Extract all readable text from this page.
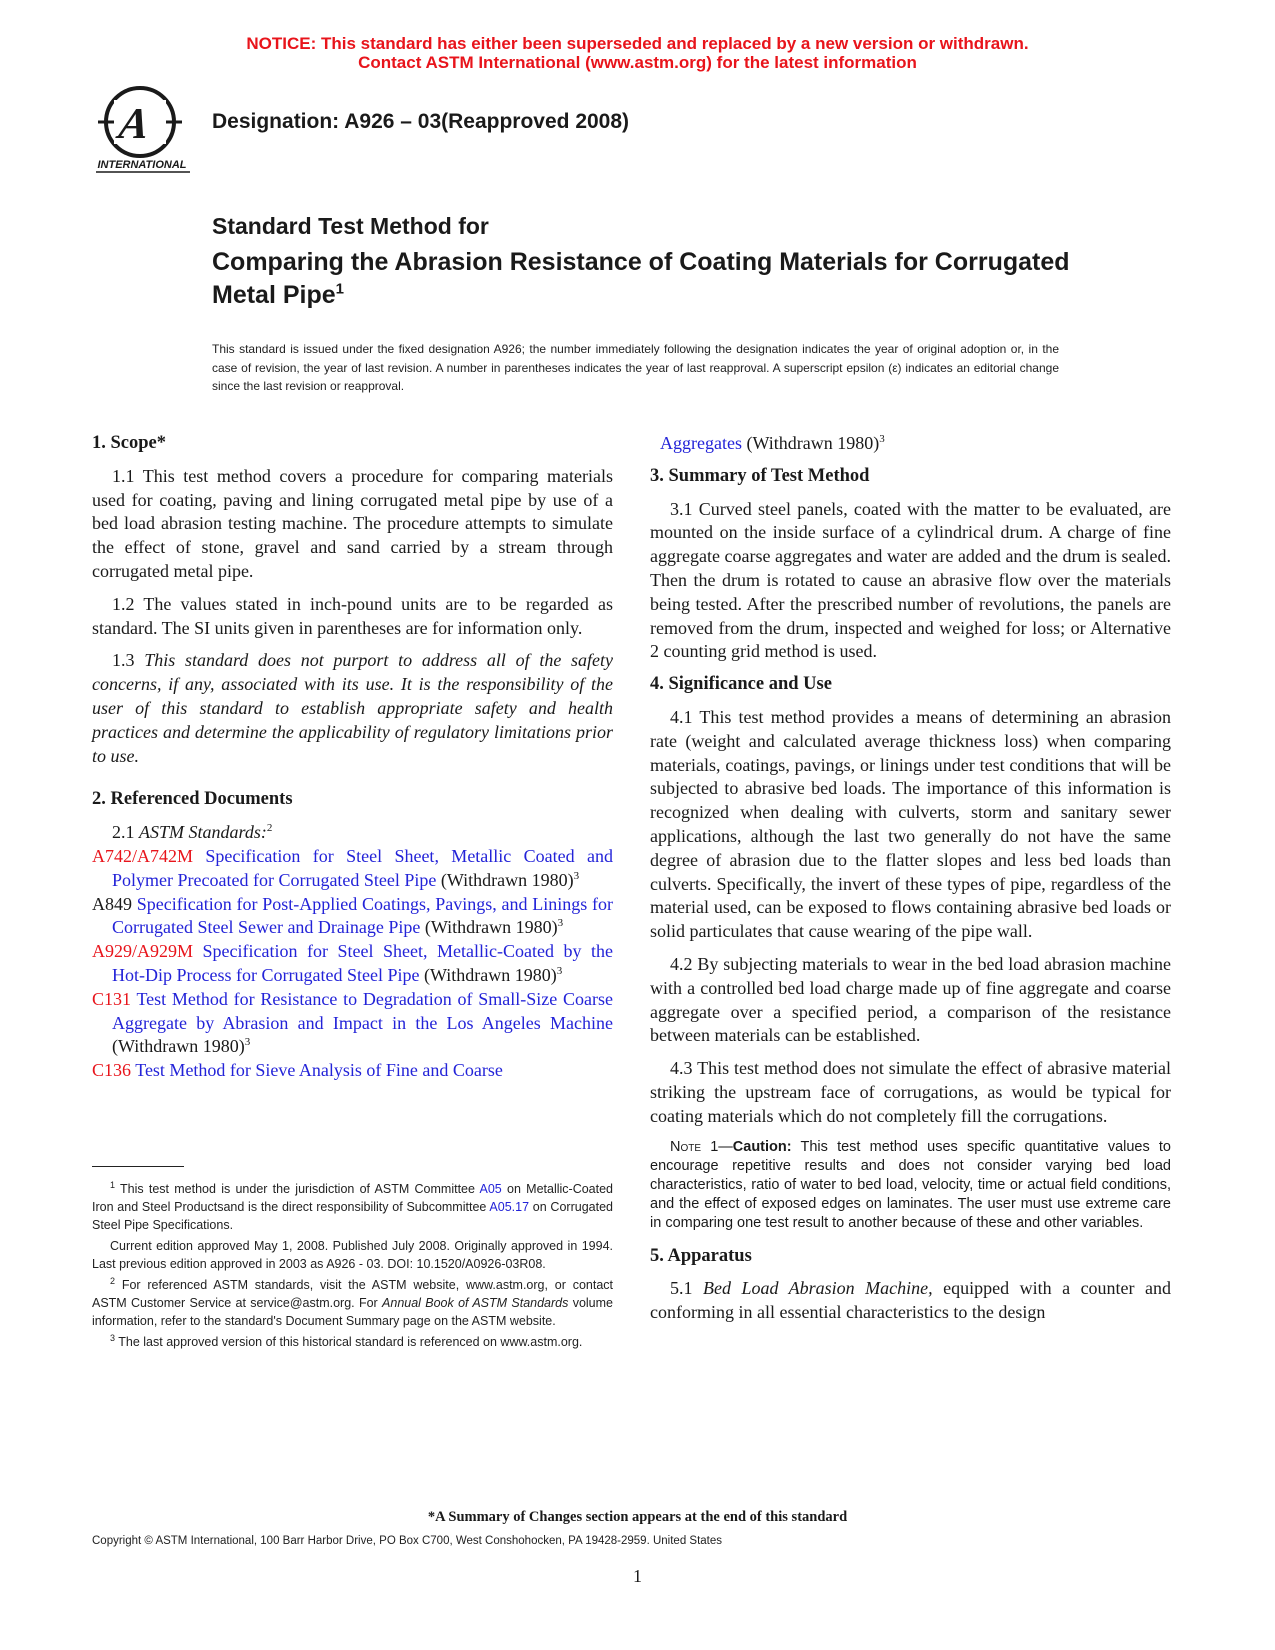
NOTICE: This standard has either been superseded and replaced by a new version or withdrawn.
Contact ASTM International (www.astm.org) for the latest information
A
INTERNATIONAL
Designation: A926 – 03(Reapproved 2008)
Standard Test Method for
Comparing the Abrasion Resistance of Coating Materials for Corrugated Metal Pipe$^1$
This standard is issued under the fixed designation A926; the number immediately following the designation indicates the year of original adoption or, in the case of revision, the year of last revision. A number in parentheses indicates the year of last reapproval. A superscript epsilon (ε) indicates an editorial change since the last revision or reapproval.

1. Scope*

1.1 This test method covers a procedure for comparing materials used for coating, paving and lining corrugated metal pipe by use of a bed load abrasion testing machine. The procedure attempts to simulate the effect of stone, gravel and sand carried by a stream through corrugated metal pipe.

1.2 The values stated in inch-pound units are to be regarded as standard. The SI units given in parentheses are for information only.

1.3 This standard does not purport to address all of the safety concerns, if any, associated with its use. It is the responsibility of the user of this standard to establish appropriate safety and health practices and determine the applicability of regulatory limitations prior to use.

2. Referenced Documents

2.1 ASTM Standards:$^2$

A742/A742M Specification for Steel Sheet, Metallic Coated and Polymer Precoated for Corrugated Steel Pipe (Withdrawn 1980)$^3$

A849 Specification for Post-Applied Coatings, Pavings, and Linings for Corrugated Steel Sewer and Drainage Pipe (Withdrawn 1980)$^3$

A929/A929M Specification for Steel Sheet, Metallic-Coated by the Hot-Dip Process for Corrugated Steel Pipe (Withdrawn 1980)$^3$

C131 Test Method for Resistance to Degradation of Small-Size Coarse Aggregate by Abrasion and Impact in the Los Angeles Machine (Withdrawn 1980)$^3$

C136 Test Method for Sieve Analysis of Fine and Coarse

$^1$ This test method is under the jurisdiction of ASTM Committee A05 on Metallic-Coated Iron and Steel Productsand is the direct responsibility of Subcommittee A05.17 on Corrugated Steel Pipe Specifications.

Current edition approved May 1, 2008. Published July 2008. Originally approved in 1994. Last previous edition approved in 2003 as A926 - 03. DOI: 10.1520/A0926-03R08.

$^2$ For referenced ASTM standards, visit the ASTM website, www.astm.org, or contact ASTM Customer Service at service@astm.org. For Annual Book of ASTM Standards volume information, refer to the standard's Document Summary page on the ASTM website.

$^3$ The last approved version of this historical standard is referenced on www.astm.org.

Aggregates (Withdrawn 1980)$^3$

3. Summary of Test Method

3.1 Curved steel panels, coated with the matter to be evaluated, are mounted on the inside surface of a cylindrical drum. A charge of fine aggregate coarse aggregates and water are added and the drum is sealed. Then the drum is rotated to cause an abrasive flow over the materials being tested. After the prescribed number of revolutions, the panels are removed from the drum, inspected and weighed for loss; or Alternative 2 counting grid method is used.

4. Significance and Use

4.1 This test method provides a means of determining an abrasion rate (weight and calculated average thickness loss) when comparing materials, coatings, pavings, or linings under test conditions that will be subjected to abrasive bed loads. The importance of this information is recognized when dealing with culverts, storm and sanitary sewer applications, although the last two generally do not have the same degree of abrasion due to the flatter slopes and less bed loads than culverts. Specifically, the invert of these types of pipe, regardless of the material used, can be exposed to flows containing abrasive bed loads or solid particulates that cause wearing of the pipe wall.

4.2 By subjecting materials to wear in the bed load abrasion machine with a controlled bed load charge made up of fine aggregate and coarse aggregate over a specified period, a comparison of the resistance between materials can be established.

4.3 This test method does not simulate the effect of abrasive material striking the upstream face of corrugations, as would be typical for coating materials which do not completely fill the corrugations.

Note 1—Caution: This test method uses specific quantitative values to encourage repetitive results and does not consider varying bed load characteristics, ratio of water to bed load, velocity, time or actual field conditions, and the effect of exposed edges on laminates. The user must use extreme care in comparing one test result to another because of these and other variables.

5. Apparatus

5.1 Bed Load Abrasion Machine, equipped with a counter and conforming in all essential characteristics to the design

*A Summary of Changes section appears at the end of this standard
Copyright © ASTM International, 100 Barr Harbor Drive, PO Box C700, West Conshohocken, PA 19428-2959. United States
1
